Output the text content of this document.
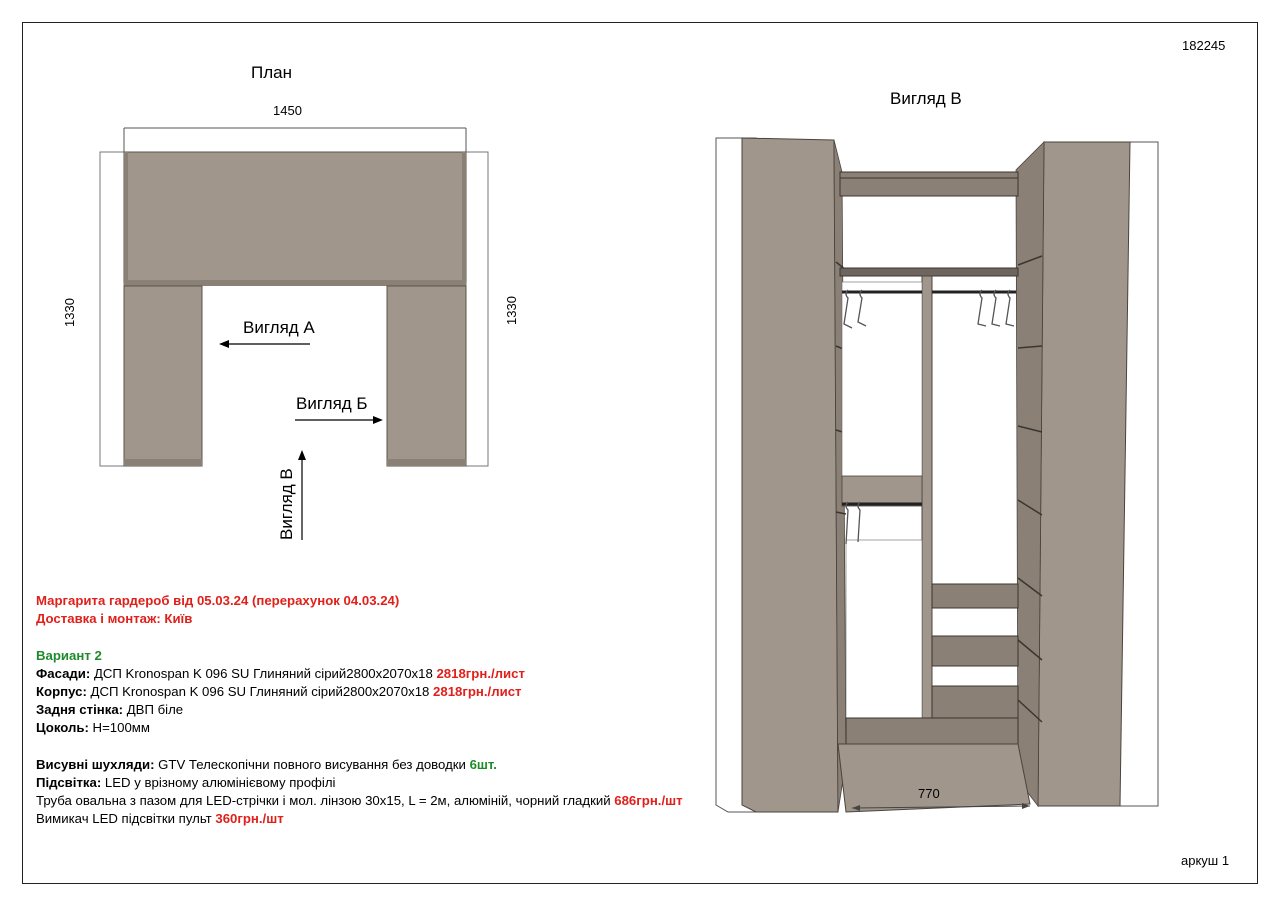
182245
аркуш 1
План
1450
1330	1330
Вигляд А
Вигляд Б
Вигляд В
Вигляд В
770
Маргарита гардероб від 05.03.24 (перерахунок 04.03.24)
Доставка і монтаж: Київ
Вариант 2
Фасади: ДСП Kronospan K 096 SU Глиняний сірий2800х2070х18 2818грн./лист
Корпус: ДСП Kronospan K 096 SU Глиняний сірий2800х2070х18 2818грн./лист
Задня стінка: ДВП біле
Цоколь: Н=100мм
Висувні шухляди: GTV Телескопічни повного висування без доводки 6шт.
Підсвітка: LED у врізному алюмінієвому профілі
Труба овальна з пазом для LED-стрічки і мол. лінзою 30х15, L = 2м, алюміній, чорний гладкий 686грн./шт
Вимикач LED підсвітки пульт 360грн./шт
